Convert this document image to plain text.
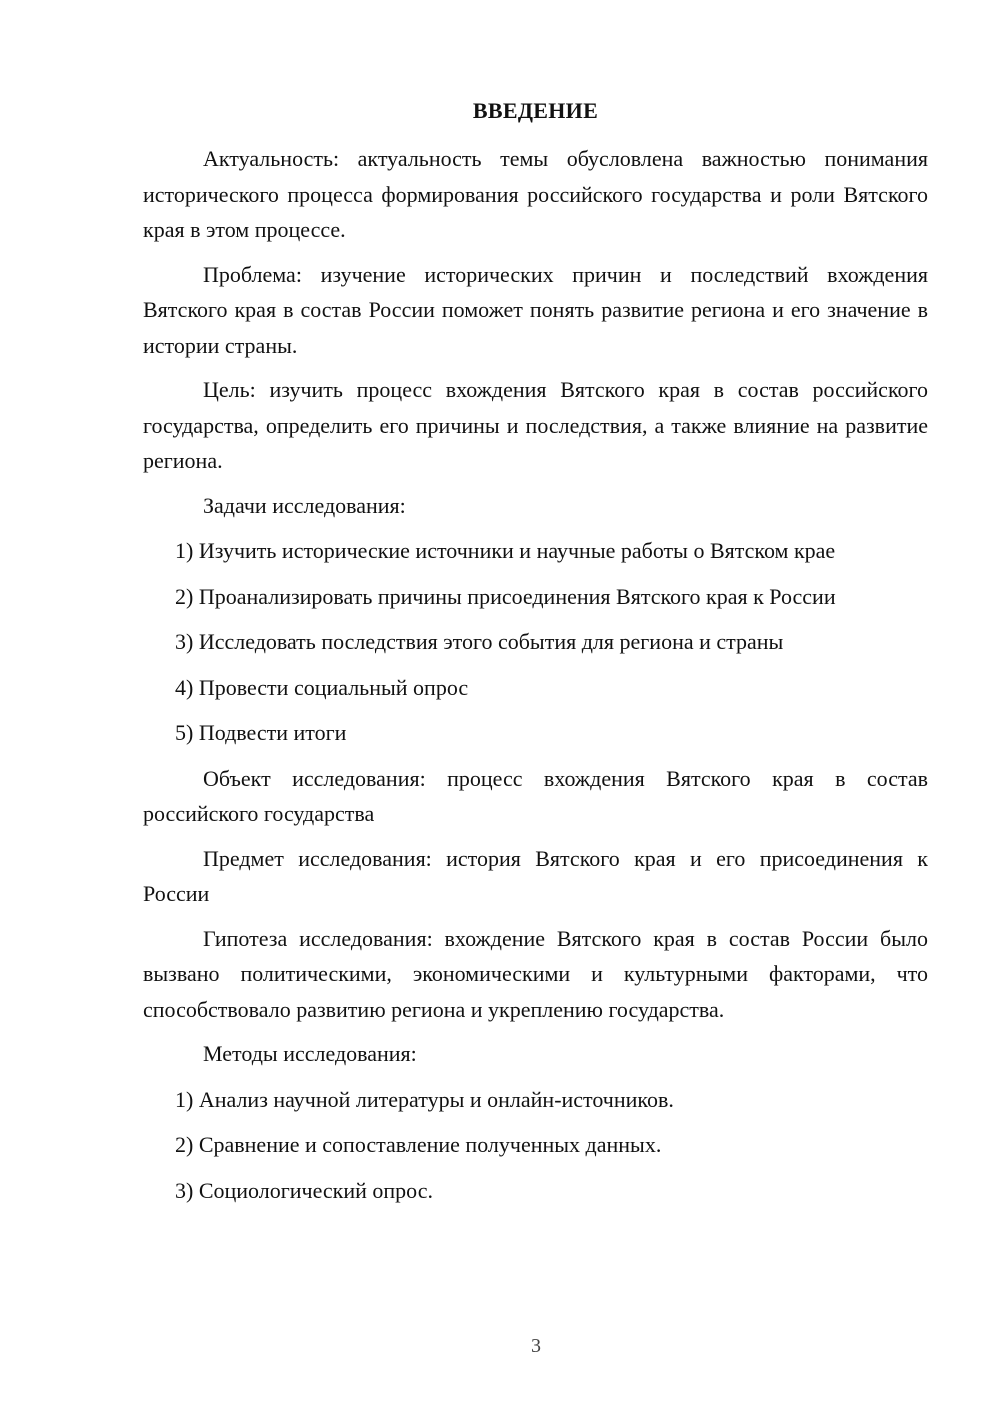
ВВЕДЕНИЕ

Актуальность: актуальность темы обусловлена важностью понимания исторического процесса формирования российского государства и роли Вятского края в этом процессе.

Проблема: изучение исторических причин и последствий вхождения Вятского края в состав России поможет понять развитие региона и его значение в истории страны.

Цель: изучить процесс вхождения Вятского края в состав российского государства, определить его причины и последствия, а также влияние на развитие региона.

Задачи исследования:

1) Изучить исторические источники и научные работы о Вятском крае
2) Проанализировать причины присоединения Вятского края к России
3) Исследовать последствия этого события для региона и страны
4) Провести социальный опрос
5) Подвести итоги

Объект исследования: процесс вхождения Вятского края в состав российского государства

Предмет исследования: история Вятского края и его присоединения к России

Гипотеза исследования: вхождение Вятского края в состав России было вызвано политическими, экономическими и культурными факторами, что способствовало развитию региона и укреплению государства.

Методы исследования:

1) Анализ научной литературы и онлайн-источников.
2) Сравнение и сопоставление полученных данных.
3) Социологический опрос.
3
